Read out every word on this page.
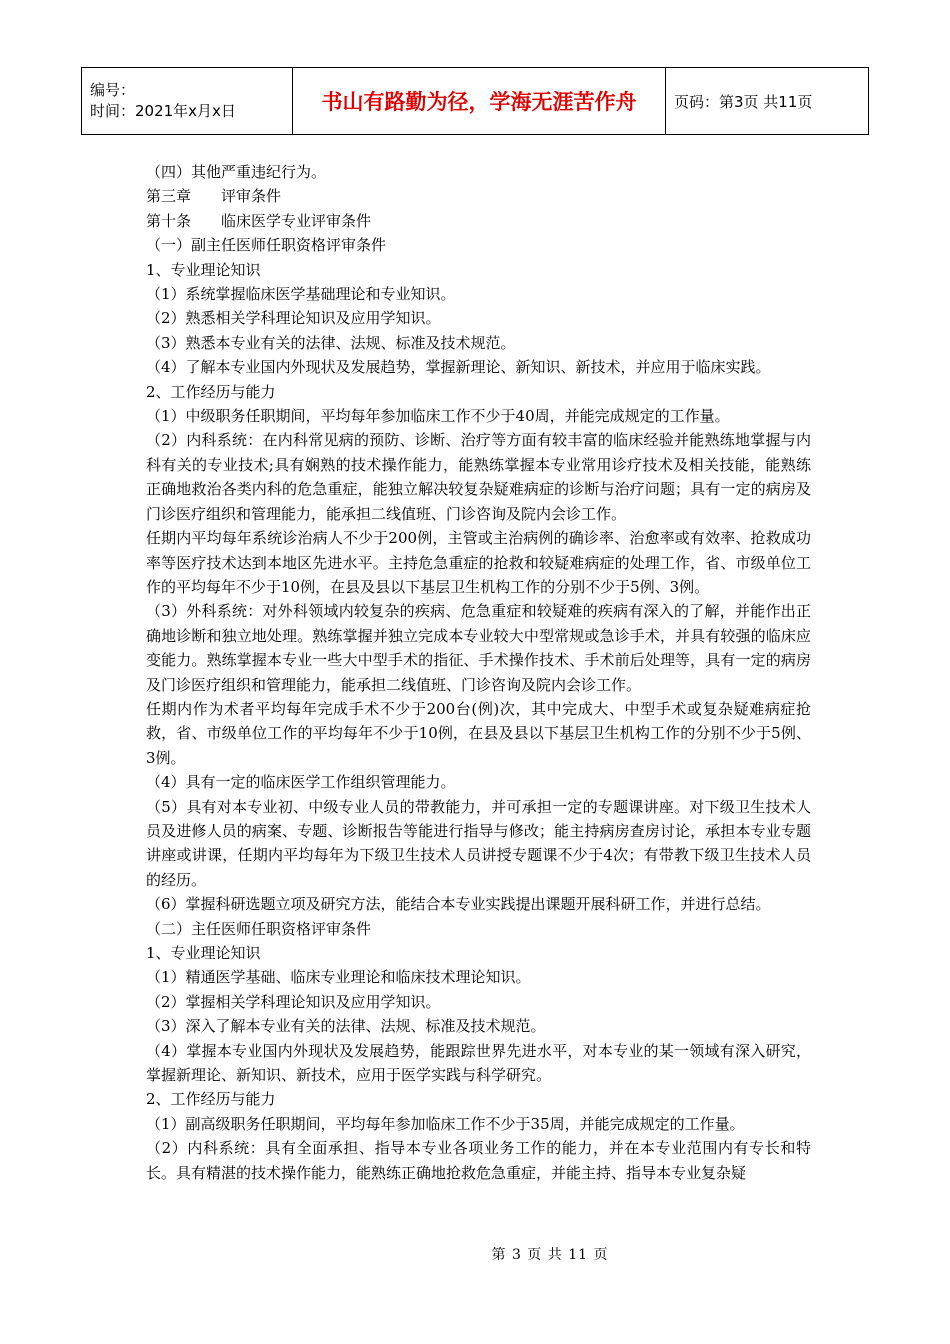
编号：
时间：2021年x月x日	书山有路勤为径，学海无涯苦作舟	页码：第3页 共11页

（四）其他严重违纪行为。

第三章　　评审条件

第十条　　临床医学专业评审条件

（一）副主任医师任职资格评审条件

1、专业理论知识

（1）系统掌握临床医学基础理论和专业知识。

（2）熟悉相关学科理论知识及应用学知识。

（3）熟悉本专业有关的法律、法规、标准及技术规范。

（4）了解本专业国内外现状及发展趋势，掌握新理论、新知识、新技术，并应用于临床实践。

2、工作经历与能力

（1）中级职务任职期间，平均每年参加临床工作不少于40周，并能完成规定的工作量。

（2）内科系统：在内科常见病的预防、诊断、治疗等方面有较丰富的临床经验并能熟练地掌握与内科有关的专业技术;具有娴熟的技术操作能力，能熟练掌握本专业常用诊疗技术及相关技能，能熟练正确地救治各类内科的危急重症，能独立解决较复杂疑难病症的诊断与治疗问题；具有一定的病房及门诊医疗组织和管理能力，能承担二线值班、门诊咨询及院内会诊工作。

任期内平均每年系统诊治病人不少于200例，主管或主治病例的确诊率、治愈率或有效率、抢救成功率等医疗技术达到本地区先进水平。主持危急重症的抢救和较疑难病症的处理工作，省、市级单位工作的平均每年不少于10例，在县及县以下基层卫生机构工作的分别不少于5例、3例。

（3）外科系统：对外科领域内较复杂的疾病、危急重症和较疑难的疾病有深入的了解，并能作出正确地诊断和独立地处理。熟练掌握并独立完成本专业较大中型常规或急诊手术，并具有较强的临床应变能力。熟练掌握本专业一些大中型手术的指征、手术操作技术、手术前后处理等，具有一定的病房及门诊医疗组织和管理能力，能承担二线值班、门诊咨询及院内会诊工作。

任期内作为术者平均每年完成手术不少于200台(例)次，其中完成大、中型手术或复杂疑难病症抢救，省、市级单位工作的平均每年不少于10例，在县及县以下基层卫生机构工作的分别不少于5例、3例。

（4）具有一定的临床医学工作组织管理能力。

（5）具有对本专业初、中级专业人员的带教能力，并可承担一定的专题课讲座。对下级卫生技术人员及进修人员的病案、专题、诊断报告等能进行指导与修改；能主持病房查房讨论，承担本专业专题讲座或讲课，任期内平均每年为下级卫生技术人员讲授专题课不少于4次；有带教下级卫生技术人员的经历。

（6）掌握科研选题立项及研究方法，能结合本专业实践提出课题开展科研工作，并进行总结。

（二）主任医师任职资格评审条件

1、专业理论知识

（1）精通医学基础、临床专业理论和临床技术理论知识。

（2）掌握相关学科理论知识及应用学知识。

（3）深入了解本专业有关的法律、法规、标准及技术规范。

（4）掌握本专业国内外现状及发展趋势，能跟踪世界先进水平，对本专业的某一领域有深入研究，掌握新理论、新知识、新技术，应用于医学实践与科学研究。

2、工作经历与能力

（1）副高级职务任职期间，平均每年参加临床工作不少于35周，并能完成规定的工作量。

（2）内科系统：具有全面承担、指导本专业各项业务工作的能力，并在本专业范围内有专长和特长。具有精湛的技术操作能力，能熟练正确地抢救危急重症，并能主持、指导本专业复杂疑

第 3 页 共 11 页
